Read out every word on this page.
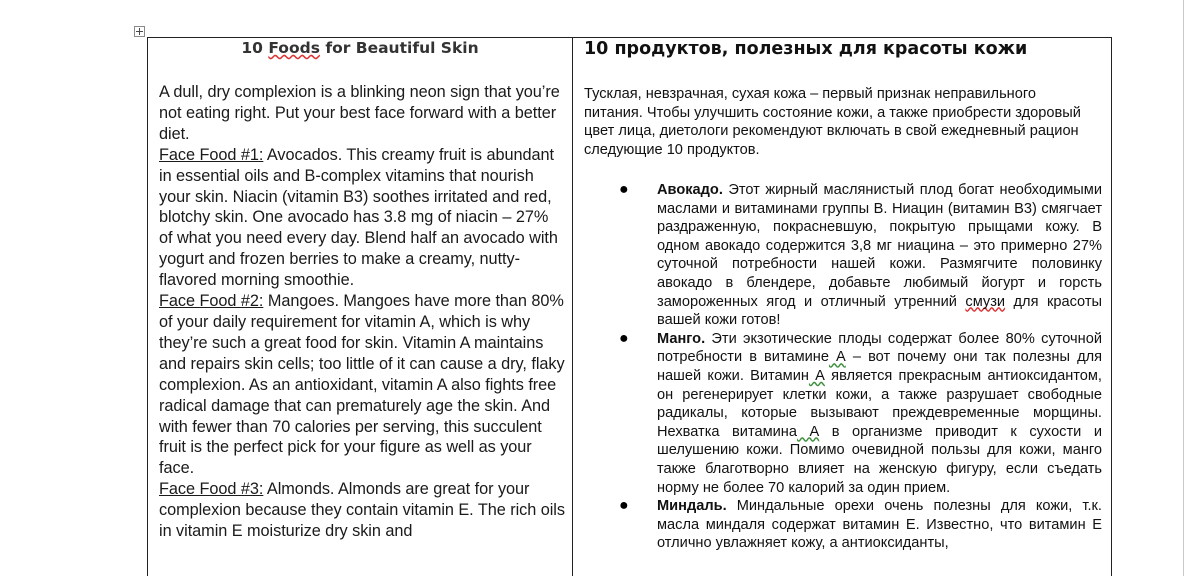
10 Foods for Beautiful Skin

A dull, dry complexion is a blinking neon sign that you’re not eating right. Put your best face forward with a better diet.

Face Food #1: Avocados. This creamy fruit is abundant in essential oils and B-complex vitamins that nourish your skin. Niacin (vitamin B3) soothes irritated and red, blotchy skin. One avocado has 3.8 mg of niacin – 27% of what you need every day. Blend half an avocado with yogurt and frozen berries to make a creamy, nutty-flavored morning smoothie.

Face Food #2: Mangoes. Mangoes have more than 80% of your daily requirement for vitamin A, which is why they’re such a great food for skin. Vitamin A maintains and repairs skin cells; too little of it can cause a dry, flaky complexion. As an antioxidant, vitamin A also fights free radical damage that can prematurely age the skin. And with fewer than 70 calories per serving, this succulent fruit is the perfect pick for your figure as well as your face.

Face Food #3: Almonds. Almonds are great for your complexion because they contain vitamin E. The rich oils in vitamin E moisturize dry skin and

10 продуктов, полезных для красоты кожи

Тусклая, невзрачная, сухая кожа – первый признак неправильного питания. Чтобы улучшить состояние кожи, а также приобрести здоровый цвет лица, диетологи рекомендуют включать в свой ежедневный рацион следующие 10 продуктов.

● Авокадо. Этот жирный маслянистый плод богат необходимыми маслами и витаминами группы В. Ниацин (витамин В3) смягчает раздраженную, покрасневшую, покрытую прыщами кожу. В одном авокадо содержится 3,8 мг ниацина – это примерно 27% суточной потребности нашей кожи. Размягчите половинку авокадо в блендере, добавьте любимый йогурт и горсть замороженных ягод и отличный утренний смузи для красоты вашей кожи готов!
● Манго. Эти экзотические плоды содержат более 80% суточной потребности в витамине А – вот почему они так полезны для нашей кожи. Витамин А является прекрасным антиоксидантом, он регенерирует клетки кожи, а также разрушает свободные радикалы, которые вызывают преждевременные морщины. Нехватка витамина А в организме приводит к сухости и шелушению кожи. Помимо очевидной пользы для кожи, манго также благотворно влияет на женскую фигуру, если съедать норму не более 70 калорий за один прием.
● Миндаль. Миндальные орехи очень полезны для кожи, т.к. масла миндаля содержат витамин Е. Известно, что витамин Е отлично увлажняет кожу, а антиоксиданты,
